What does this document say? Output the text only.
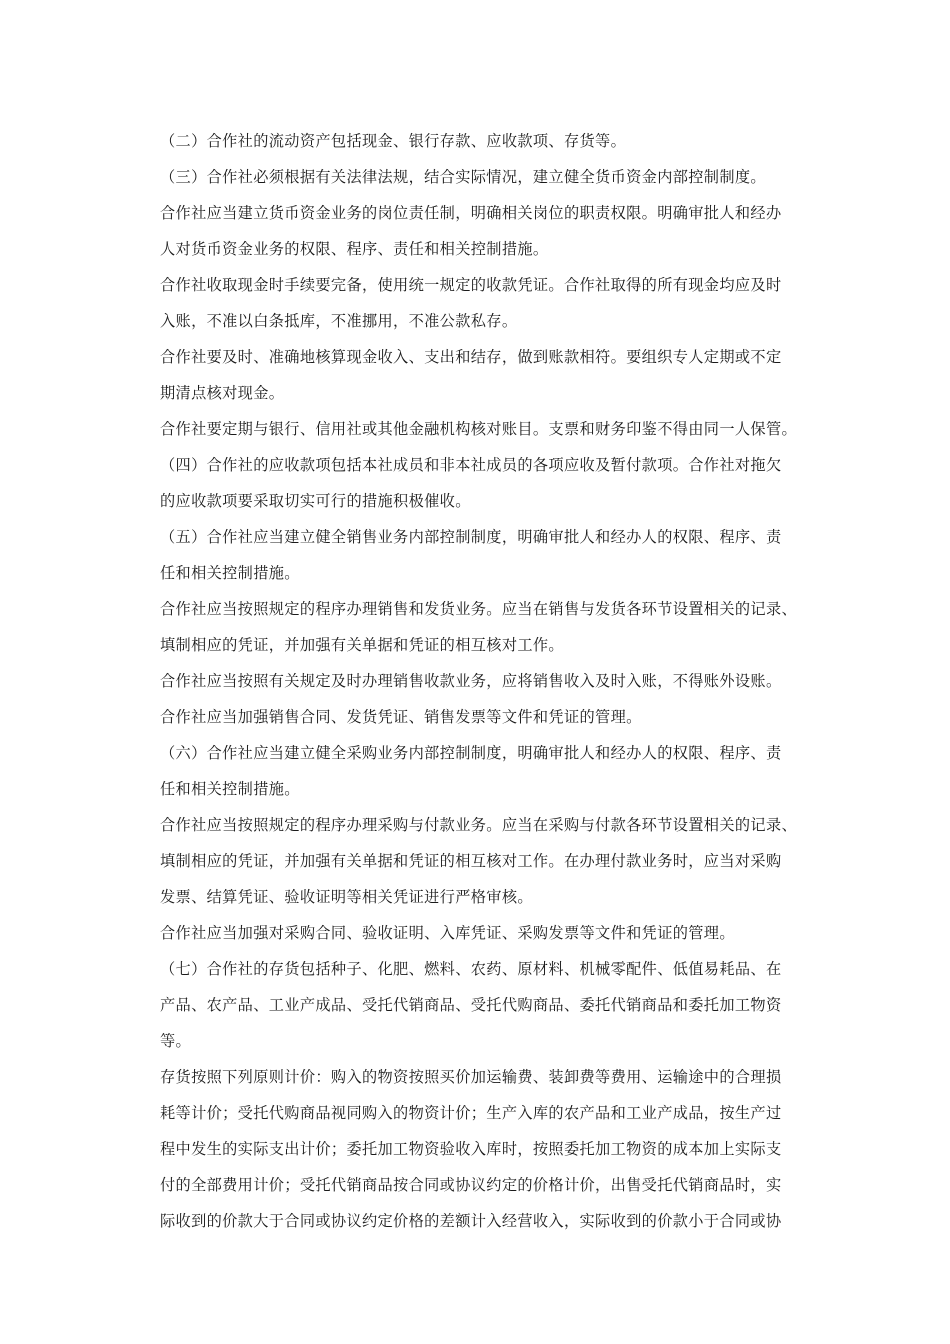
（二）合作社的流动资产包括现金、银行存款、应收款项、存货等。
（三）合作社必须根据有关法律法规，结合实际情况，建立健全货币资金内部控制制度。
合作社应当建立货币资金业务的岗位责任制，明确相关岗位的职责权限。明确审批人和经办
人对货币资金业务的权限、程序、责任和相关控制措施。
合作社收取现金时手续要完备，使用统一规定的收款凭证。合作社取得的所有现金均应及时
入账，不准以白条抵库，不准挪用，不准公款私存。
合作社要及时、准确地核算现金收入、支出和结存，做到账款相符。要组织专人定期或不定
期清点核对现金。
合作社要定期与银行、信用社或其他金融机构核对账目。支票和财务印鉴不得由同一人保管。
（四）合作社的应收款项包括本社成员和非本社成员的各项应收及暂付款项。合作社对拖欠
的应收款项要采取切实可行的措施积极催收。
（五）合作社应当建立健全销售业务内部控制制度，明确审批人和经办人的权限、程序、责
任和相关控制措施。
合作社应当按照规定的程序办理销售和发货业务。应当在销售与发货各环节设置相关的记录、
填制相应的凭证，并加强有关单据和凭证的相互核对工作。
合作社应当按照有关规定及时办理销售收款业务，应将销售收入及时入账，不得账外设账。
合作社应当加强销售合同、发货凭证、销售发票等文件和凭证的管理。
（六）合作社应当建立健全采购业务内部控制制度，明确审批人和经办人的权限、程序、责
任和相关控制措施。
合作社应当按照规定的程序办理采购与付款业务。应当在采购与付款各环节设置相关的记录、
填制相应的凭证，并加强有关单据和凭证的相互核对工作。在办理付款业务时，应当对采购
发票、结算凭证、验收证明等相关凭证进行严格审核。
合作社应当加强对采购合同、验收证明、入库凭证、采购发票等文件和凭证的管理。
（七）合作社的存货包括种子、化肥、燃料、农药、原材料、机械零配件、低值易耗品、在
产品、农产品、工业产成品、受托代销商品、受托代购商品、委托代销商品和委托加工物资
等。
存货按照下列原则计价：购入的物资按照买价加运输费、装卸费等费用、运输途中的合理损
耗等计价；受托代购商品视同购入的物资计价；生产入库的农产品和工业产成品，按生产过
程中发生的实际支出计价；委托加工物资验收入库时，按照委托加工物资的成本加上实际支
付的全部费用计价；受托代销商品按合同或协议约定的价格计价，出售受托代销商品时，实
际收到的价款大于合同或协议约定价格的差额计入经营收入，实际收到的价款小于合同或协
